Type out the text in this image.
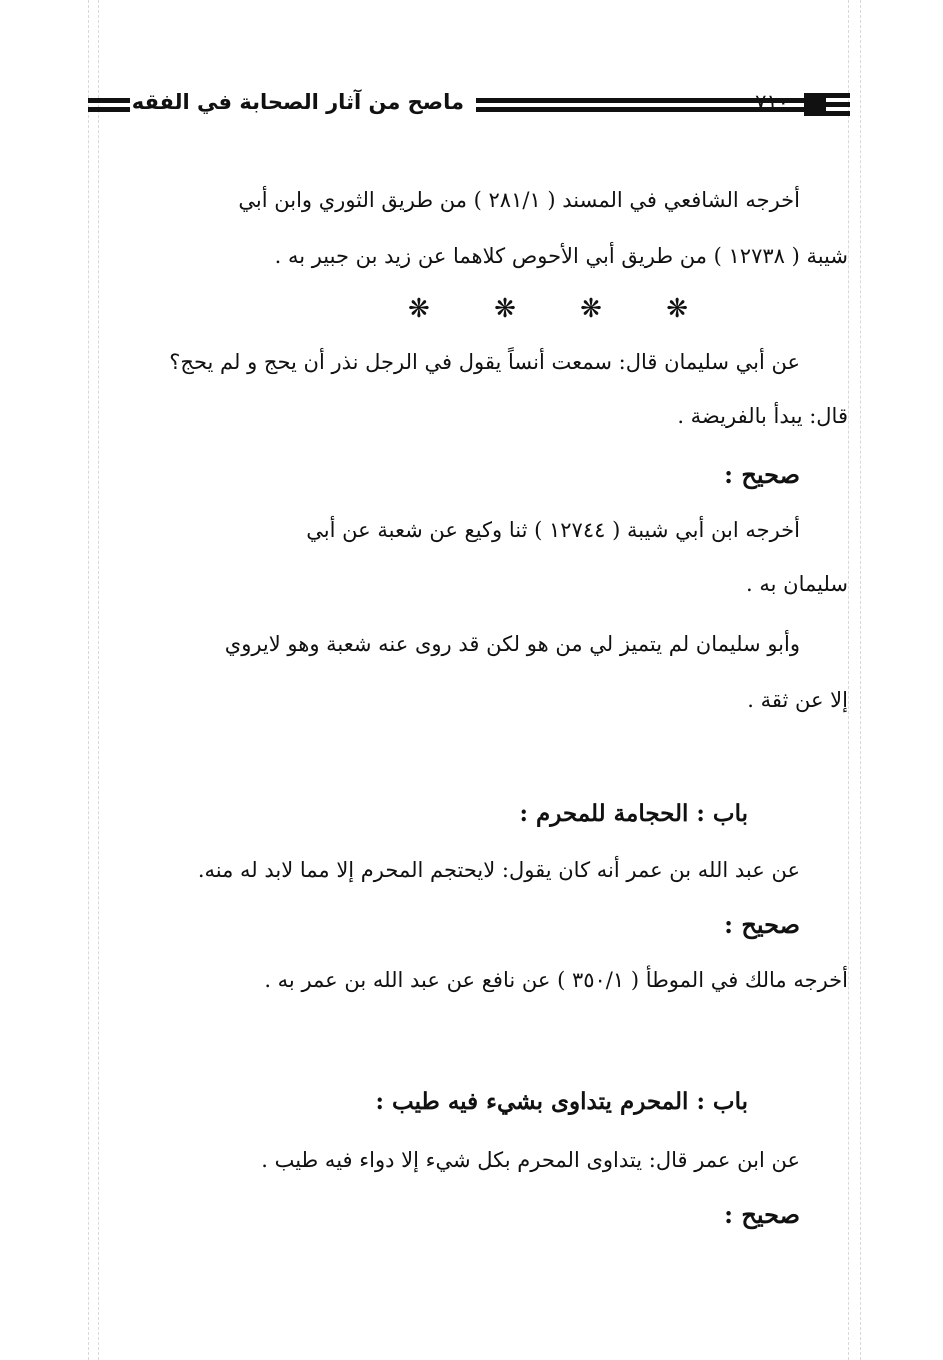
ماصح من آثار الصحابة في الفقه	٧١٠
أخرجه الشافعي في المسند ( ٢٨١/١ ) من طريق الثوري وابن أبي
شيبة ( ١٢٧٣٨ ) من طريق أبي الأحوص كلاهما عن زيد بن جبير به .
❋
❋
❋
❋
عن أبي سليمان قال: سمعت أنساً يقول في الرجل نذر أن يحج و لم يحج؟
قال: يبدأ بالفريضة .
صحيح :
أخرجه ابن أبي شيبة ( ١٢٧٤٤ ) ثنا وكيع عن شعبة عن أبي
سليمان به .
وأبو سليمان لم يتميز لي من هو لكن قد روى عنه شعبة وهو لايروي
إلا عن ثقة .
باب : الحجامة للمحرم :
عن عبد الله بن عمر أنه كان يقول: لايحتجم المحرم إلا مما لابد له منه.
صحيح :
أخرجه مالك في الموطأ ( ٣٥٠/١ ) عن نافع عن عبد الله بن عمر به .
باب : المحرم يتداوى بشيء فيه طيب :
عن ابن عمر قال: يتداوى المحرم بكل شيء إلا دواء فيه طيب .
صحيح :
